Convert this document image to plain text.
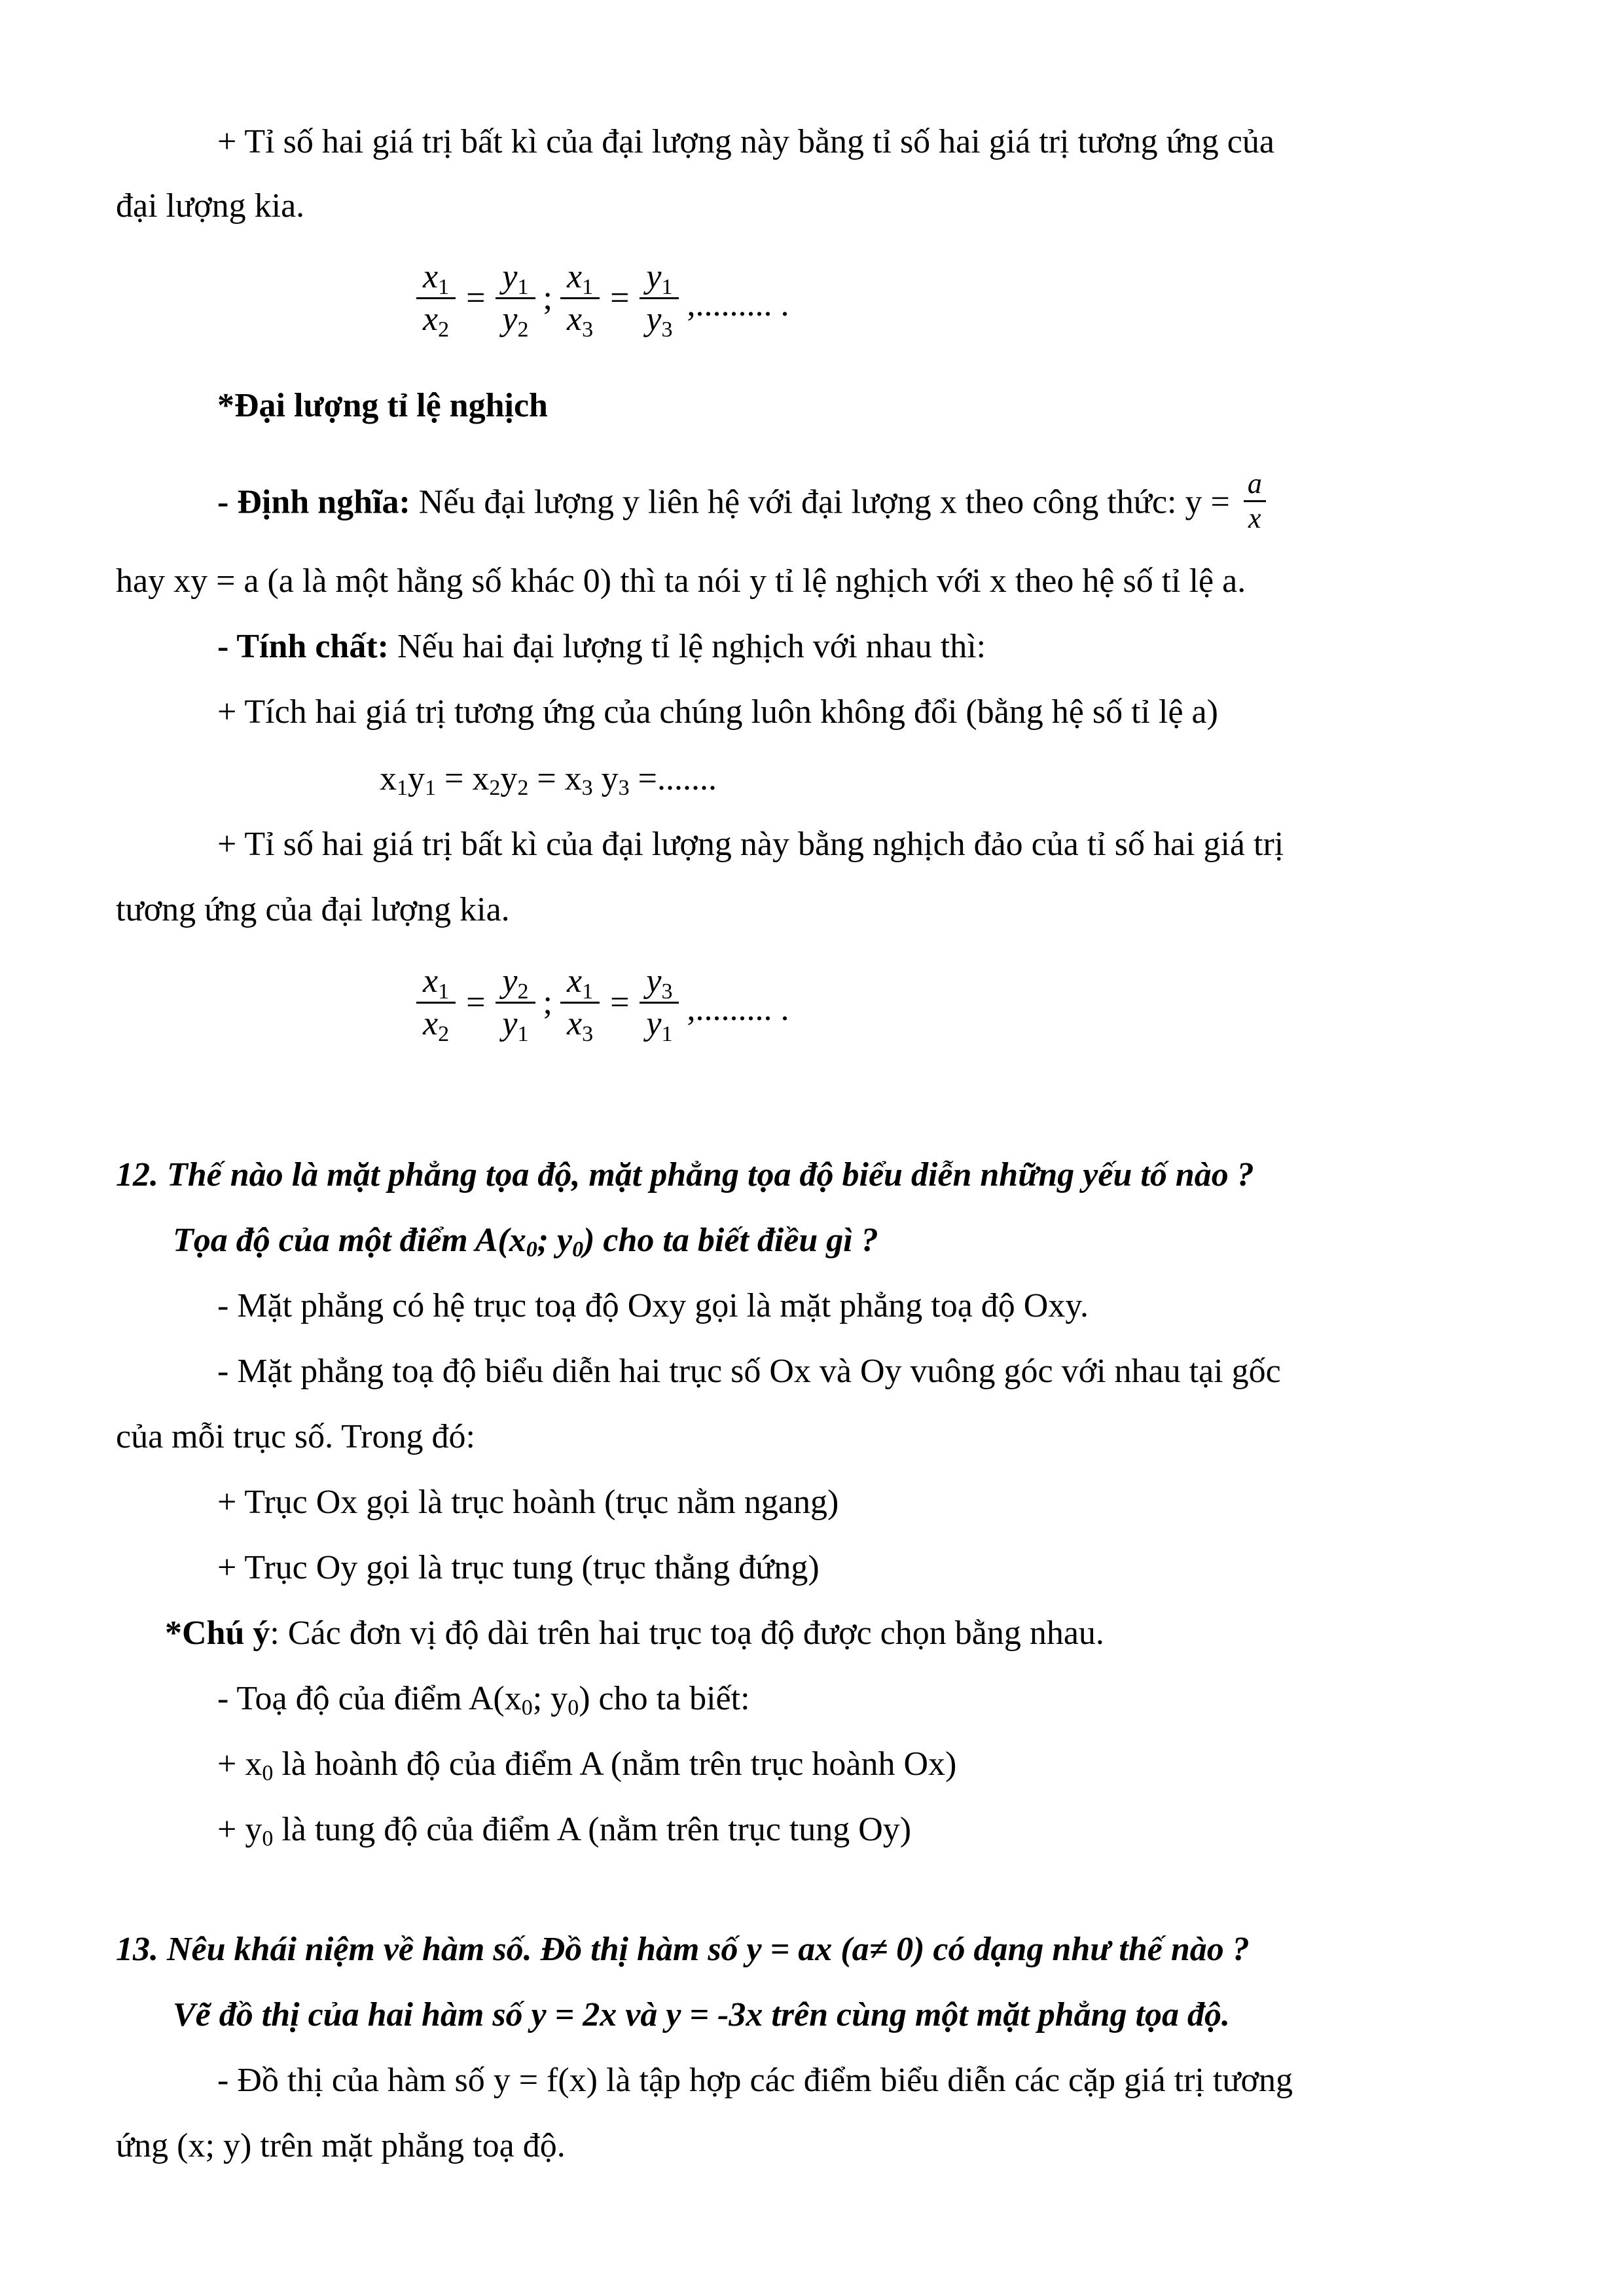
+ Tỉ số hai giá trị bất kì của đại lượng này bằng tỉ số hai giá trị tương ứng của
đại lượng kia.
$\frac{x_1}{x_2} = \frac{y_1}{y_2}$ ; $\frac{x_1}{x_3} = \frac{y_1}{y_3}$ ,......... .
*Đại lượng tỉ lệ nghịch
- Định nghĩa: Nếu đại lượng y liên hệ với đại lượng x theo công thức: $y = \frac{a}{x}$
hay xy = a (a là một hằng số khác 0) thì ta nói y tỉ lệ nghịch với x theo hệ số tỉ lệ a.
- Tính chất: Nếu hai đại lượng tỉ lệ nghịch với nhau thì:
+ Tích hai giá trị tương ứng của chúng luôn không đổi (bằng hệ số tỉ lệ a)
$x_1y_1 = x_2y_2 = x_3$ $y_3$ =.......
+ Tỉ số hai giá trị bất kì của đại lượng này bằng nghịch đảo của tỉ số hai giá trị
tương ứng của đại lượng kia.
$\frac{x_1}{x_2} = \frac{y_2}{y_1}$ ; $\frac{x_1}{x_3} = \frac{y_3}{y_1}$ ,......... .
12. Thế nào là mặt phẳng tọa độ, mặt phẳng tọa độ biểu diễn những yếu tố nào ?
Tọa độ của một điểm $A(x_0$; $y_0$) cho ta biết điều gì ?
- Mặt phẳng có hệ trục toạ độ Oxy gọi là mặt phẳng toạ độ Oxy.
- Mặt phẳng toạ độ biểu diễn hai trục số Ox và Oy vuông góc với nhau tại gốc
của mỗi trục số. Trong đó:
+ Trục Ox gọi là trục hoành (trục nằm ngang)
+ Trục Oy gọi là trục tung (trục thẳng đứng)
*Chú ý: Các đơn vị độ dài trên hai trục toạ độ được chọn bằng nhau.
- Toạ độ của điểm $A(x_0$; $y_0$) cho ta biết:
+ $x_0$ là hoành độ của điểm A (nằm trên trục hoành Ox)
+ $y_0$ là tung độ của điểm A (nằm trên trục tung Oy)
13. Nêu khái niệm về hàm số. Đồ thị hàm số y = ax (a≠ 0) có dạng như thế nào ?
Vẽ đồ thị của hai hàm số y = 2x và y = -3x trên cùng một mặt phẳng tọa độ.
- Đồ thị của hàm số y = f(x) là tập hợp các điểm biểu diễn các cặp giá trị tương
ứng (x; y) trên mặt phẳng toạ độ.
